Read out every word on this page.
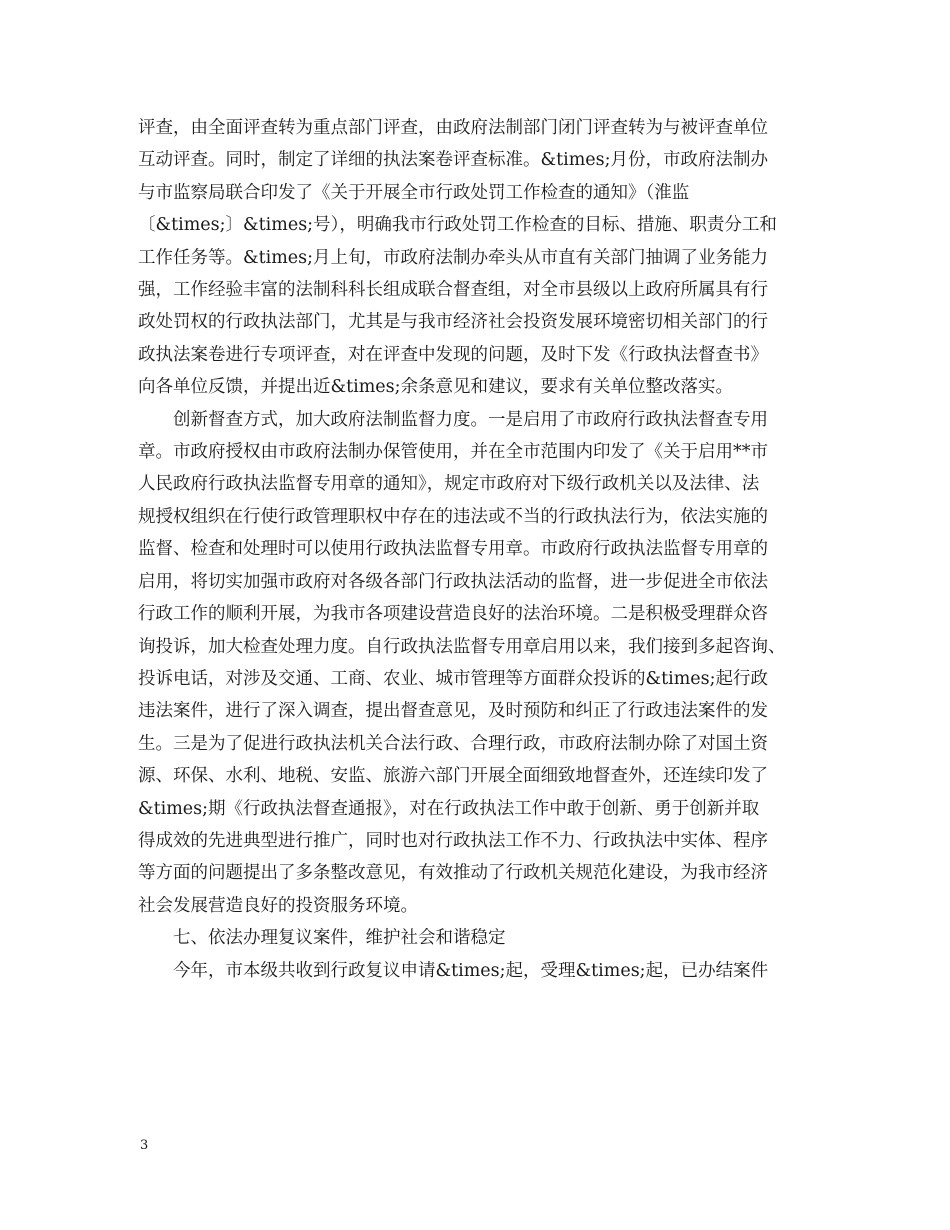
评查，由全面评查转为重点部门评查，由政府法制部门闭门评查转为与被评查单位
互动评查。同时，制定了详细的执法案卷评查标准。&times;月份，市政府法制办
与市监察局联合印发了《关于开展全市行政处罚工作检查的通知》（淮监
〔&times;〕&times;号），明确我市行政处罚工作检查的目标、措施、职责分工和
工作任务等。&times;月上旬，市政府法制办牵头从市直有关部门抽调了业务能力
强，工作经验丰富的法制科科长组成联合督查组，对全市县级以上政府所属具有行
政处罚权的行政执法部门，尤其是与我市经济社会投资发展环境密切相关部门的行
政执法案卷进行专项评查，对在评查中发现的问题，及时下发《行政执法督查书》
向各单位反馈，并提出近&times;余条意见和建议，要求有关单位整改落实。

创新督查方式，加大政府法制监督力度。一是启用了市政府行政执法督查专用
章。市政府授权由市政府法制办保管使用，并在全市范围内印发了《关于启用**市
人民政府行政执法监督专用章的通知》，规定市政府对下级行政机关以及法律、法
规授权组织在行使行政管理职权中存在的违法或不当的行政执法行为，依法实施的
监督、检查和处理时可以使用行政执法监督专用章。市政府行政执法监督专用章的
启用，将切实加强市政府对各级各部门行政执法活动的监督，进一步促进全市依法
行政工作的顺利开展，为我市各项建设营造良好的法治环境。二是积极受理群众咨
询投诉，加大检查处理力度。自行政执法监督专用章启用以来，我们接到多起咨询、
投诉电话，对涉及交通、工商、农业、城市管理等方面群众投诉的&times;起行政
违法案件，进行了深入调查，提出督查意见，及时预防和纠正了行政违法案件的发
生。三是为了促进行政执法机关合法行政、合理行政，市政府法制办除了对国土资
源、环保、水利、地税、安监、旅游六部门开展全面细致地督查外，还连续印发了
&times;期《行政执法督查通报》，对在行政执法工作中敢于创新、勇于创新并取
得成效的先进典型进行推广，同时也对行政执法工作不力、行政执法中实体、程序
等方面的问题提出了多条整改意见，有效推动了行政机关规范化建设，为我市经济
社会发展营造良好的投资服务环境。

七、依法办理复议案件，维护社会和谐稳定

今年，市本级共收到行政复议申请&times;起，受理&times;起，已办结案件

3
